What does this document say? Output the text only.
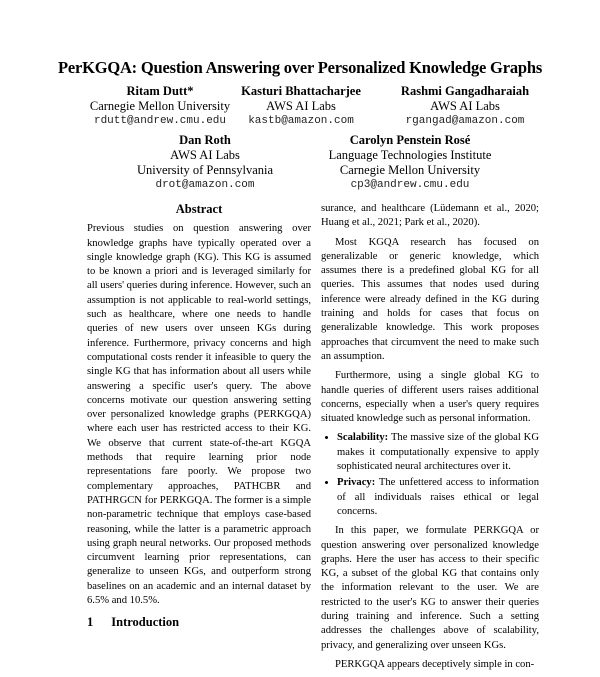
PerKGQA: Question Answering over Personalized Knowledge Graphs
Ritam Dutt*
Carnegie Mellon University
rdutt@andrew.cmu.edu
Kasturi Bhattacharjee
AWS AI Labs
kastb@amazon.com
Rashmi Gangadharaiah
AWS AI Labs
rgangad@amazon.com
Dan Roth
AWS AI Labs
University of Pennsylvania
drot@amazon.com
Carolyn Penstein Rosé
Language Technologies Institute
Carnegie Mellon University
cp3@andrew.cmu.edu
Abstract

Previous studies on question answering over knowledge graphs have typically operated over a single knowledge graph (KG). This KG is assumed to be known a priori and is leveraged similarly for all users' queries during inference. However, such an assumption is not applicable to real-world settings, such as healthcare, where one needs to handle queries of new users over unseen KGs during inference. Furthermore, privacy concerns and high computational costs render it infeasible to query the single KG that has information about all users while answering a specific user's query. The above concerns motivate our question answering setting over personalized knowledge graphs (PERKGQA) where each user has restricted access to their KG. We observe that current state-of-the-art KGQA methods that require learning prior node representations fare poorly. We propose two complementary approaches, PATHCBR and PATHRGCN for PERKGQA. The former is a simple non-parametric technique that employs case-based reasoning, while the latter is a parametric approach using graph neural networks. Our proposed methods circumvent learning prior representations, can generalize to unseen KGs, and outperform strong baselines on an academic and an internal dataset by 6.5% and 10.5%.

1 Introduction

surance, and healthcare (Lüdemann et al., 2020; Huang et al., 2021; Park et al., 2020).

Most KGQA research has focused on generalizable or generic knowledge, which assumes there is a predefined global KG for all queries. This assumes that nodes used during inference were already defined in the KG during training and holds for cases that focus on generalizable knowledge. This work proposes approaches that circumvent the need to make such an assumption.

Furthermore, using a single global KG to handle queries of different users raises additional concerns, especially when a user's query requires situated knowledge such as personal information.

• Scalability: The massive size of the global KG makes it computationally expensive to apply sophisticated neural architectures over it.
• Privacy: The unfettered access to information of all individuals raises ethical or legal concerns.

In this paper, we formulate PERKGQA or question answering over personalized knowledge graphs. Here the user has access to their specific KG, a subset of the global KG that contains only the information relevant to the user. We are restricted to the user's KG to answer their queries during training and inference. Such a setting addresses the challenges above of scalability, privacy, and generalizing over unseen KGs.

PERKGQA appears deceptively simple in con-
